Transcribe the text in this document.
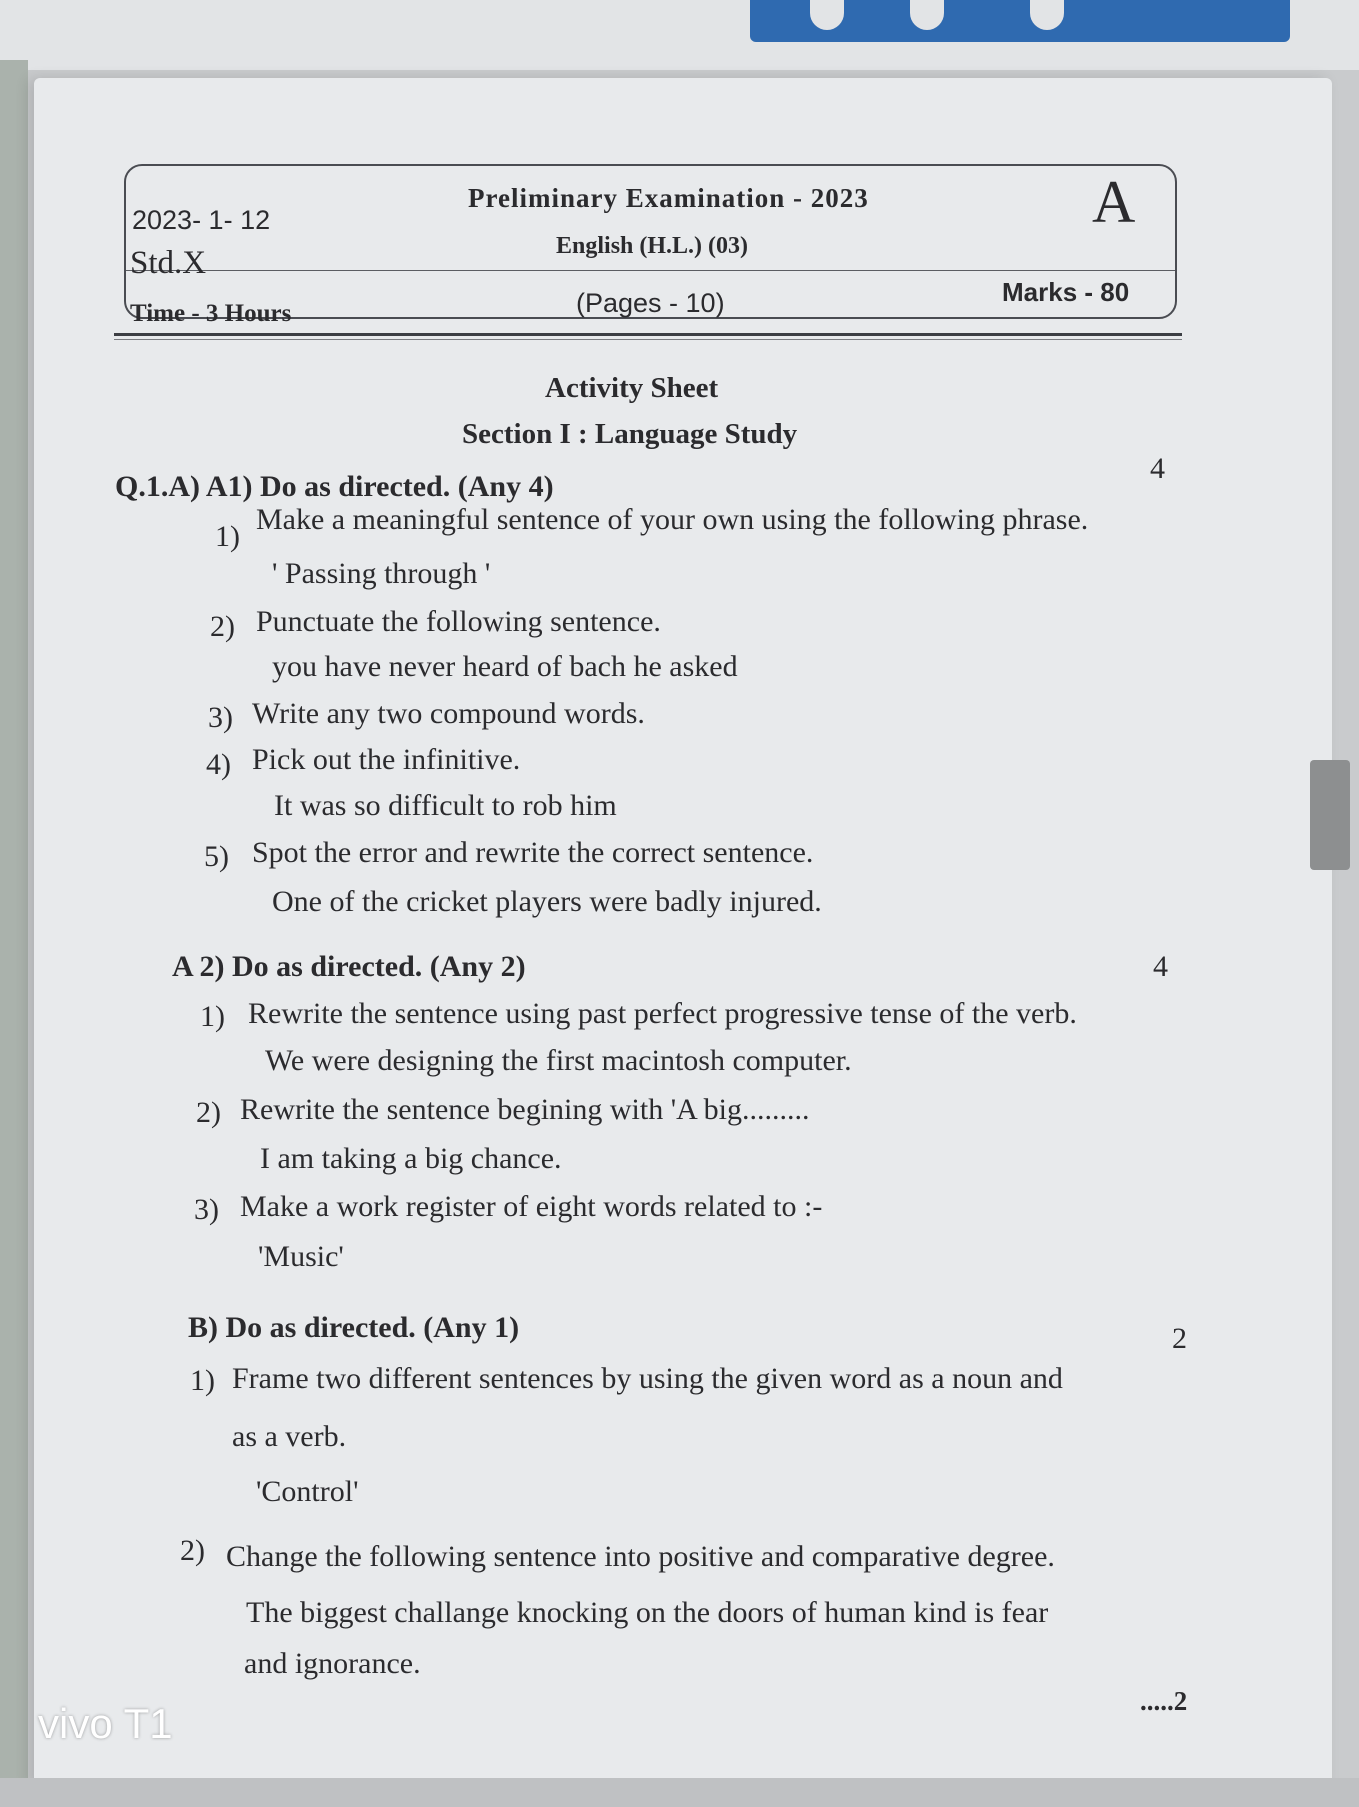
2023- 1- 12
Std.X
Preliminary Examination - 2023
English (H.L.) (03)
A
Time - 3 Hours	(Pages - 10)	Marks - 80
Activity Sheet
Section I : Language Study
Q.1.A) A1) Do as directed. (Any 4)
4
1)
Make a meaningful sentence of your own using the following phrase.
' Passing through '
2) Punctuate the following sentence.
you have never heard of bach he asked
3) Write any two compound words.
4) Pick out the infinitive.
It was so difficult to rob him
5) Spot the error and rewrite the correct sentence.
One of the cricket players were badly injured.
A 2) Do as directed. (Any 2)	4
1) Rewrite the sentence using past perfect progressive tense of the verb.
We were designing the first macintosh computer.
2) Rewrite the sentence begining with 'A big.........
I am taking a big chance.
3) Make a work register of eight words related to :-
'Music'
B) Do as directed. (Any 1)	2
1) Frame two different sentences by using the given word as a noun and
as a verb.
'Control'
2) Change the following sentence into positive and comparative degree.
The biggest challange knocking on the doors of human kind is fear
and ignorance.
.....2
vivo T1
